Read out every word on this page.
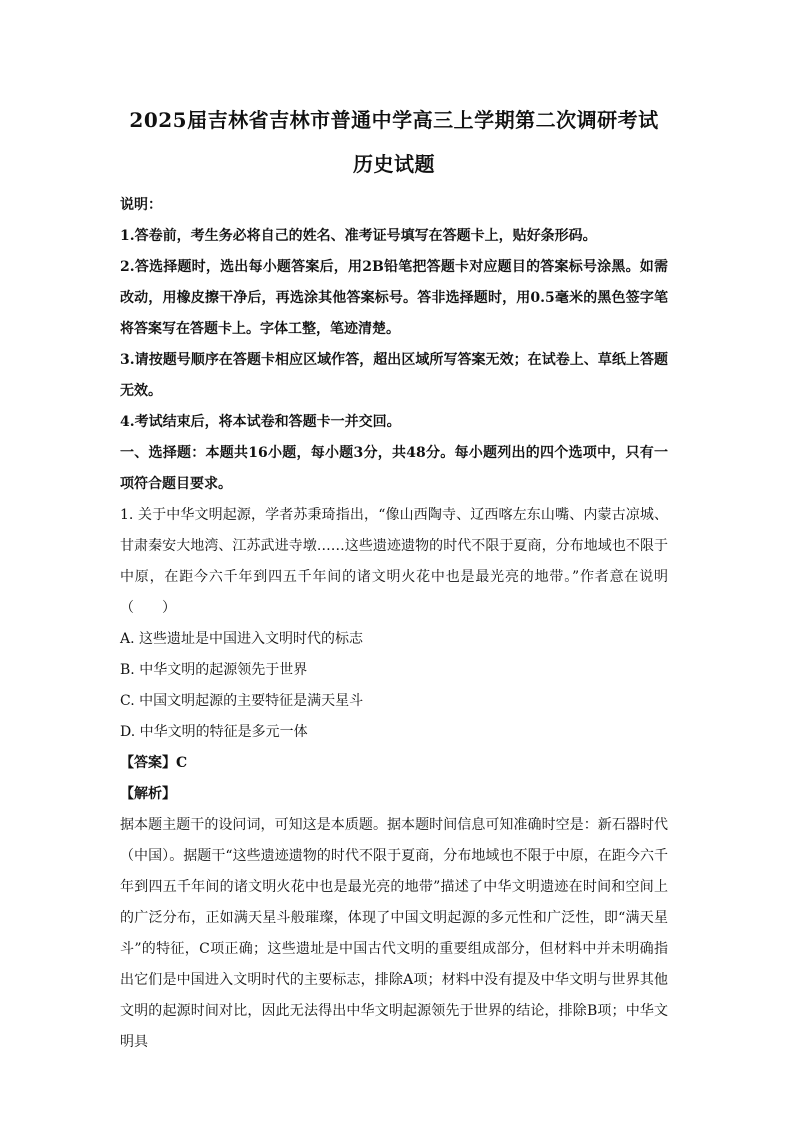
2025届吉林省吉林市普通中学高三上学期第二次调研考试
历史试题

说明：

1.答卷前，考生务必将自己的姓名、准考证号填写在答题卡上，贴好条形码。

2.答选择题时，选出每小题答案后，用2B铅笔把答题卡对应题目的答案标号涂黑。如需改动，用橡皮擦干净后，再选涂其他答案标号。答非选择题时，用0.5毫米的黑色签字笔将答案写在答题卡上。字体工整，笔迹清楚。

3.请按题号顺序在答题卡相应区域作答，超出区域所写答案无效；在试卷上、草纸上答题无效。

4.考试结束后，将本试卷和答题卡一并交回。

一、选择题：本题共16小题，每小题3分，共48分。每小题列出的四个选项中，只有一项符合题目要求。

1. 关于中华文明起源，学者苏秉琦指出，“像山西陶寺、辽西喀左东山嘴、内蒙古凉城、甘肃秦安大地湾、江苏武进寺墩……这些遗迹遗物的时代不限于夏商，分布地域也不限于中原，在距今六千年到四五千年间的诸文明火花中也是最光亮的地带。”作者意在说明（　　）

A. 这些遗址是中国进入文明时代的标志

B. 中华文明的起源领先于世界

C. 中国文明起源的主要特征是满天星斗

D. 中华文明的特征是多元一体

【答案】C

【解析】

据本题主题干的设问词，可知这是本质题。据本题时间信息可知准确时空是：新石器时代（中国）。据题干“这些遗迹遗物的时代不限于夏商，分布地域也不限于中原，在距今六千年到四五千年间的诸文明火花中也是最光亮的地带”描述了中华文明遗迹在时间和空间上的广泛分布，正如满天星斗般璀璨，体现了中国文明起源的多元性和广泛性，即“满天星斗”的特征，C项正确；这些遗址是中国古代文明的重要组成部分，但材料中并未明确指出它们是中国进入文明时代的主要标志，排除A项；材料中没有提及中华文明与世界其他文明的起源时间对比，因此无法得出中华文明起源领先于世界的结论，排除B项；中华文明具
